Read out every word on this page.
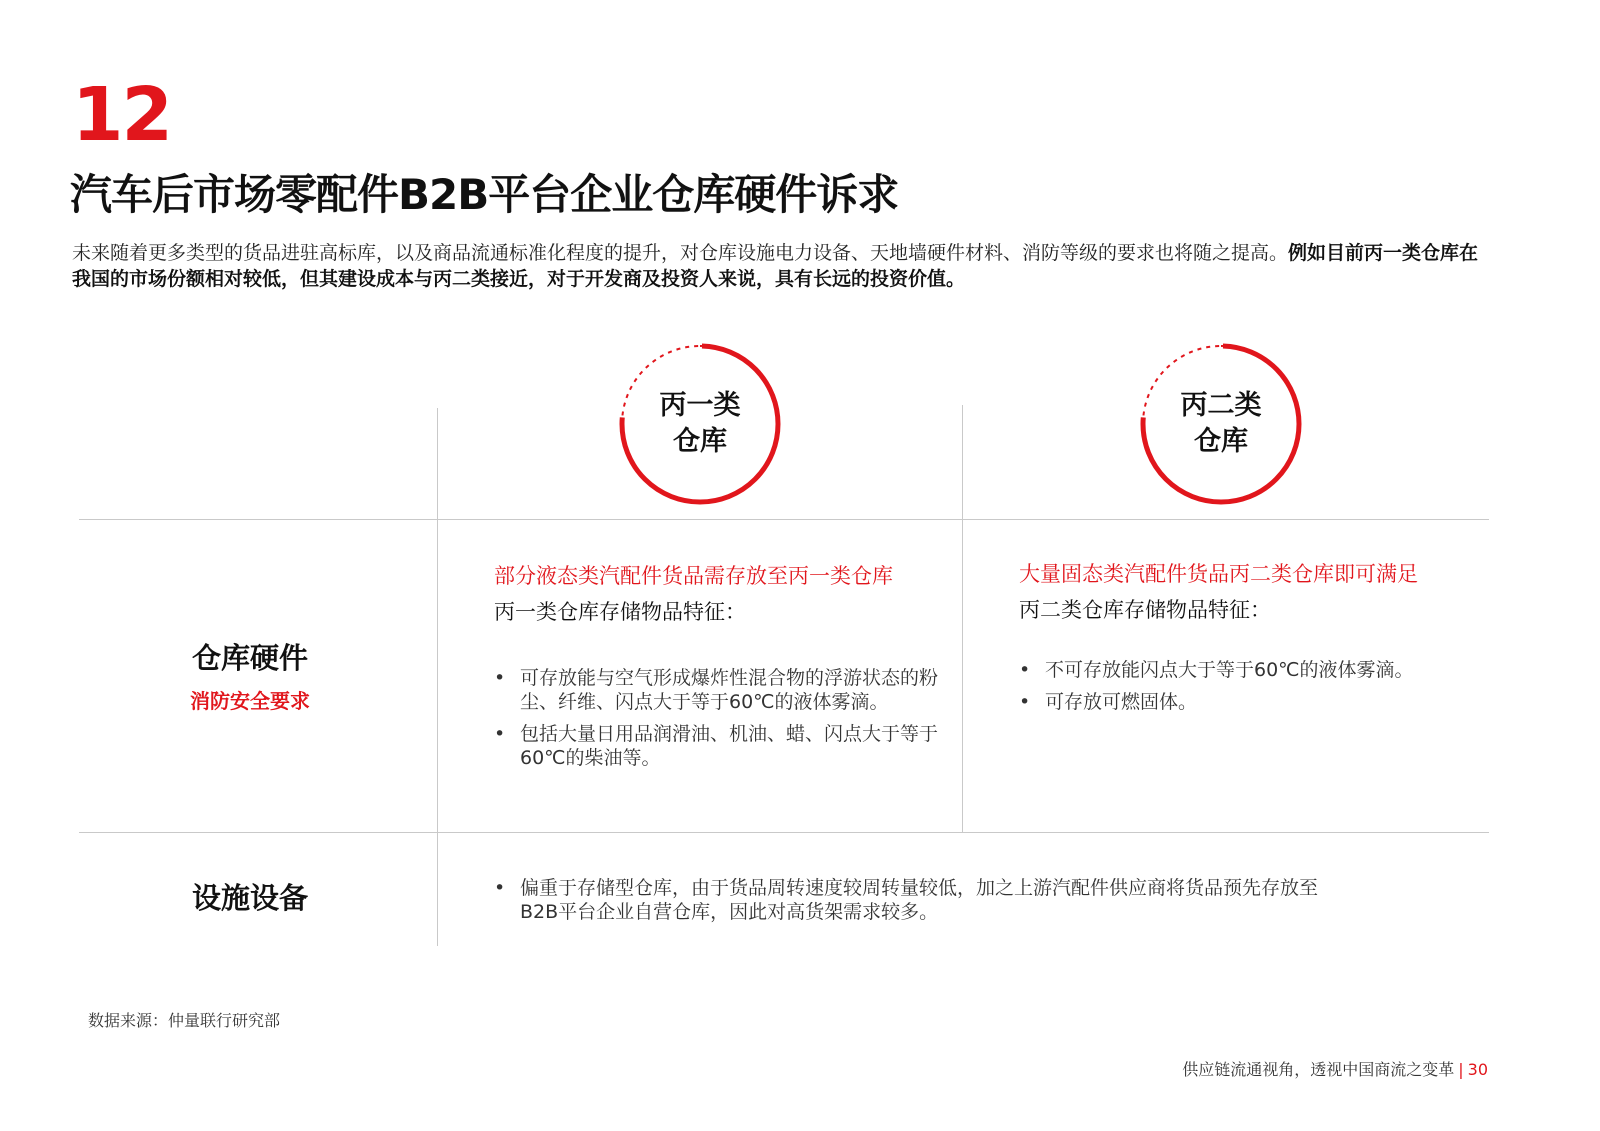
12
汽车后市场零配件B2B平台企业仓库硬件诉求
未来随着更多类型的货品进驻高标库，以及商品流通标准化程度的提升，对仓库设施电力设备、天地墙硬件材料、消防等级的要求也将随之提高。例如目前丙一类仓库在我国的市场份额相对较低，但其建设成本与丙二类接近，对于开发商及投资人来说，具有长远的投资价值。
丙一类
仓库
丙二类
仓库
仓库硬件
消防安全要求
部分液态类汽配件货品需存放至丙一类仓库
丙一类仓库存储物品特征：
• 可存放能与空气形成爆炸性混合物的浮游状态的粉尘、纤维、闪点大于等于60℃的液体雾滴。
• 包括大量日用品润滑油、机油、蜡、闪点大于等于60℃的柴油等。
大量固态类汽配件货品丙二类仓库即可满足
丙二类仓库存储物品特征：
• 不可存放能闪点大于等于60℃的液体雾滴。
• 可存放可燃固体。
设施设备
•	偏重于存储型仓库，由于货品周转速度较周转量较低，加之上游汽配件供应商将货品预先存放至B2B平台企业自营仓库，因此对高货架需求较多。
数据来源：仲量联行研究部
供应链流通视角，透视中国商流之变革 | 30
